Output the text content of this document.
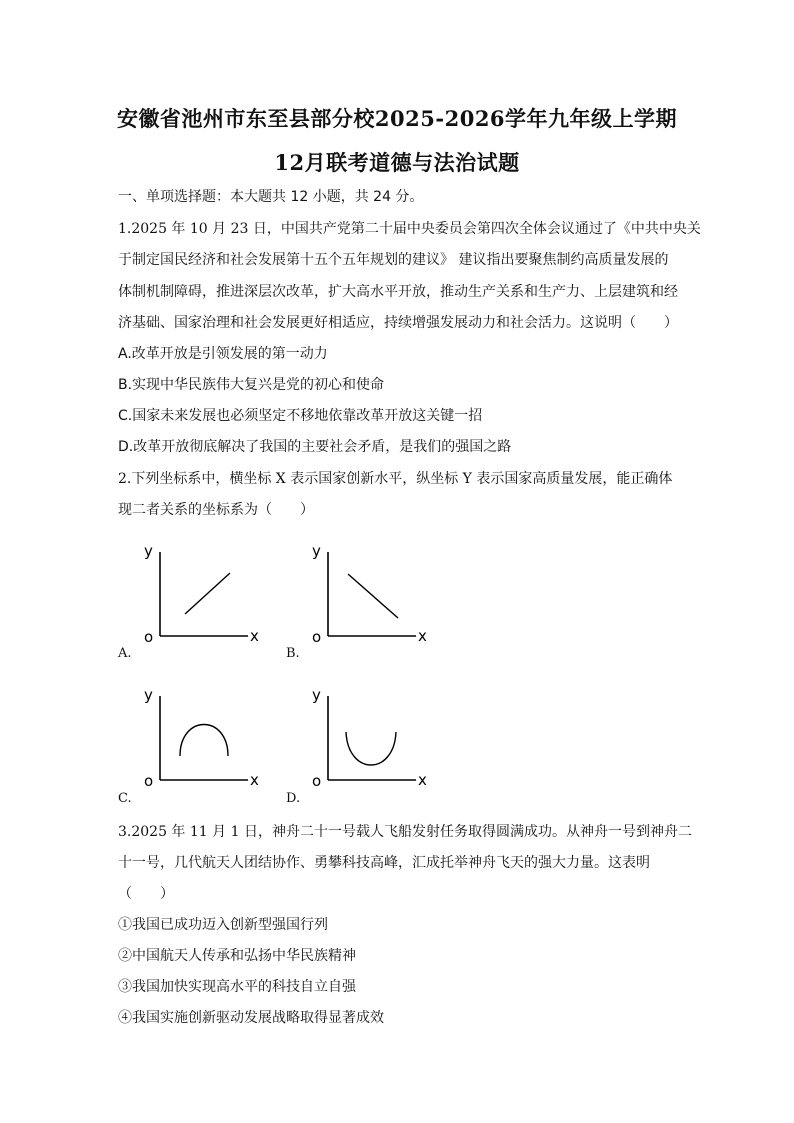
安徽省池州市东至县部分校2025-2026学年九年级上学期
12月联考道德与法治试题
一、单项选择题：本大题共 12 小题，共 24 分。
1.2025 年 10 月 23 日，中国共产党第二十届中央委员会第四次全体会议通过了《中共中央关
于制定国民经济和社会发展第十五个五年规划的建议》 建议指出要聚焦制约高质量发展的
体制机制障碍，推进深层次改革，扩大高水平开放，推动生产关系和生产力、上层建筑和经
济基础、国家治理和社会发展更好相适应，持续增强发展动力和社会活力。这说明（　　）
A.改革开放是引领发展的第一动力
B.实现中华民族伟大复兴是党的初心和使命
C.国家未来发展也必须坚定不移地依靠改革开放这关键一招
D.改革开放彻底解决了我国的主要社会矛盾，是我们的强国之路
2.下列坐标系中，横坐标 X 表示国家创新水平，纵坐标 Y 表示国家高质量发展，能正确体
现二者关系的坐标系为（　　）
y
x
o
A.
y
x
o
B.
y
x
o
C.
y
x
o
D.
3.2025 年 11 月 1 日，神舟二十一号载人飞船发射任务取得圆满成功。从神舟一号到神舟二
十一号，几代航天人团结协作、勇攀科技高峰，汇成托举神舟飞天的强大力量。这表明
（　　）
①我国已成功迈入创新型强国行列
②中国航天人传承和弘扬中华民族精神
③我国加快实现高水平的科技自立自强
④我国实施创新驱动发展战略取得显著成效
